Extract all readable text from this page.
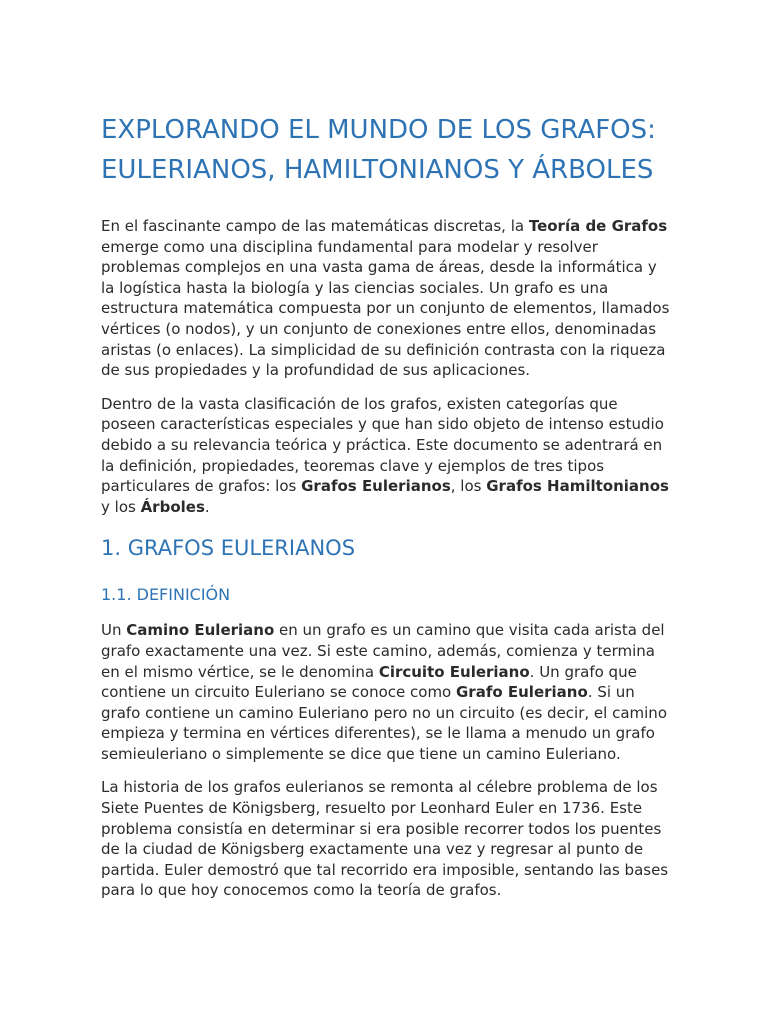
EXPLORANDO EL MUNDO DE LOS GRAFOS: EULERIANOS, HAMILTONIANOS Y ÁRBOLES

En el fascinante campo de las matemáticas discretas, la Teoría de Grafos emerge como una disciplina fundamental para modelar y resolver problemas complejos en una vasta gama de áreas, desde la informática y la logística hasta la biología y las ciencias sociales. Un grafo es una estructura matemática compuesta por un conjunto de elementos, llamados vértices (o nodos), y un conjunto de conexiones entre ellos, denominadas aristas (o enlaces). La simplicidad de su definición contrasta con la riqueza de sus propiedades y la profundidad de sus aplicaciones.

Dentro de la vasta clasificación de los grafos, existen categorías que poseen características especiales y que han sido objeto de intenso estudio debido a su relevancia teórica y práctica. Este documento se adentrará en la definición, propiedades, teoremas clave y ejemplos de tres tipos particulares de grafos: los Grafos Eulerianos, los Grafos Hamiltonianos y los Árboles.

1. GRAFOS EULERIANOS
1.1. DEFINICIÓN

Un Camino Euleriano en un grafo es un camino que visita cada arista del grafo exactamente una vez. Si este camino, además, comienza y termina en el mismo vértice, se le denomina Circuito Euleriano. Un grafo que contiene un circuito Euleriano se conoce como Grafo Euleriano. Si un grafo contiene un camino Euleriano pero no un circuito (es decir, el camino empieza y termina en vértices diferentes), se le llama a menudo un grafo semieuleriano o simplemente se dice que tiene un camino Euleriano.

La historia de los grafos eulerianos se remonta al célebre problema de los Siete Puentes de Königsberg, resuelto por Leonhard Euler en 1736. Este problema consistía en determinar si era posible recorrer todos los puentes de la ciudad de Königsberg exactamente una vez y regresar al punto de partida. Euler demostró que tal recorrido era imposible, sentando las bases para lo que hoy conocemos como la teoría de grafos.
